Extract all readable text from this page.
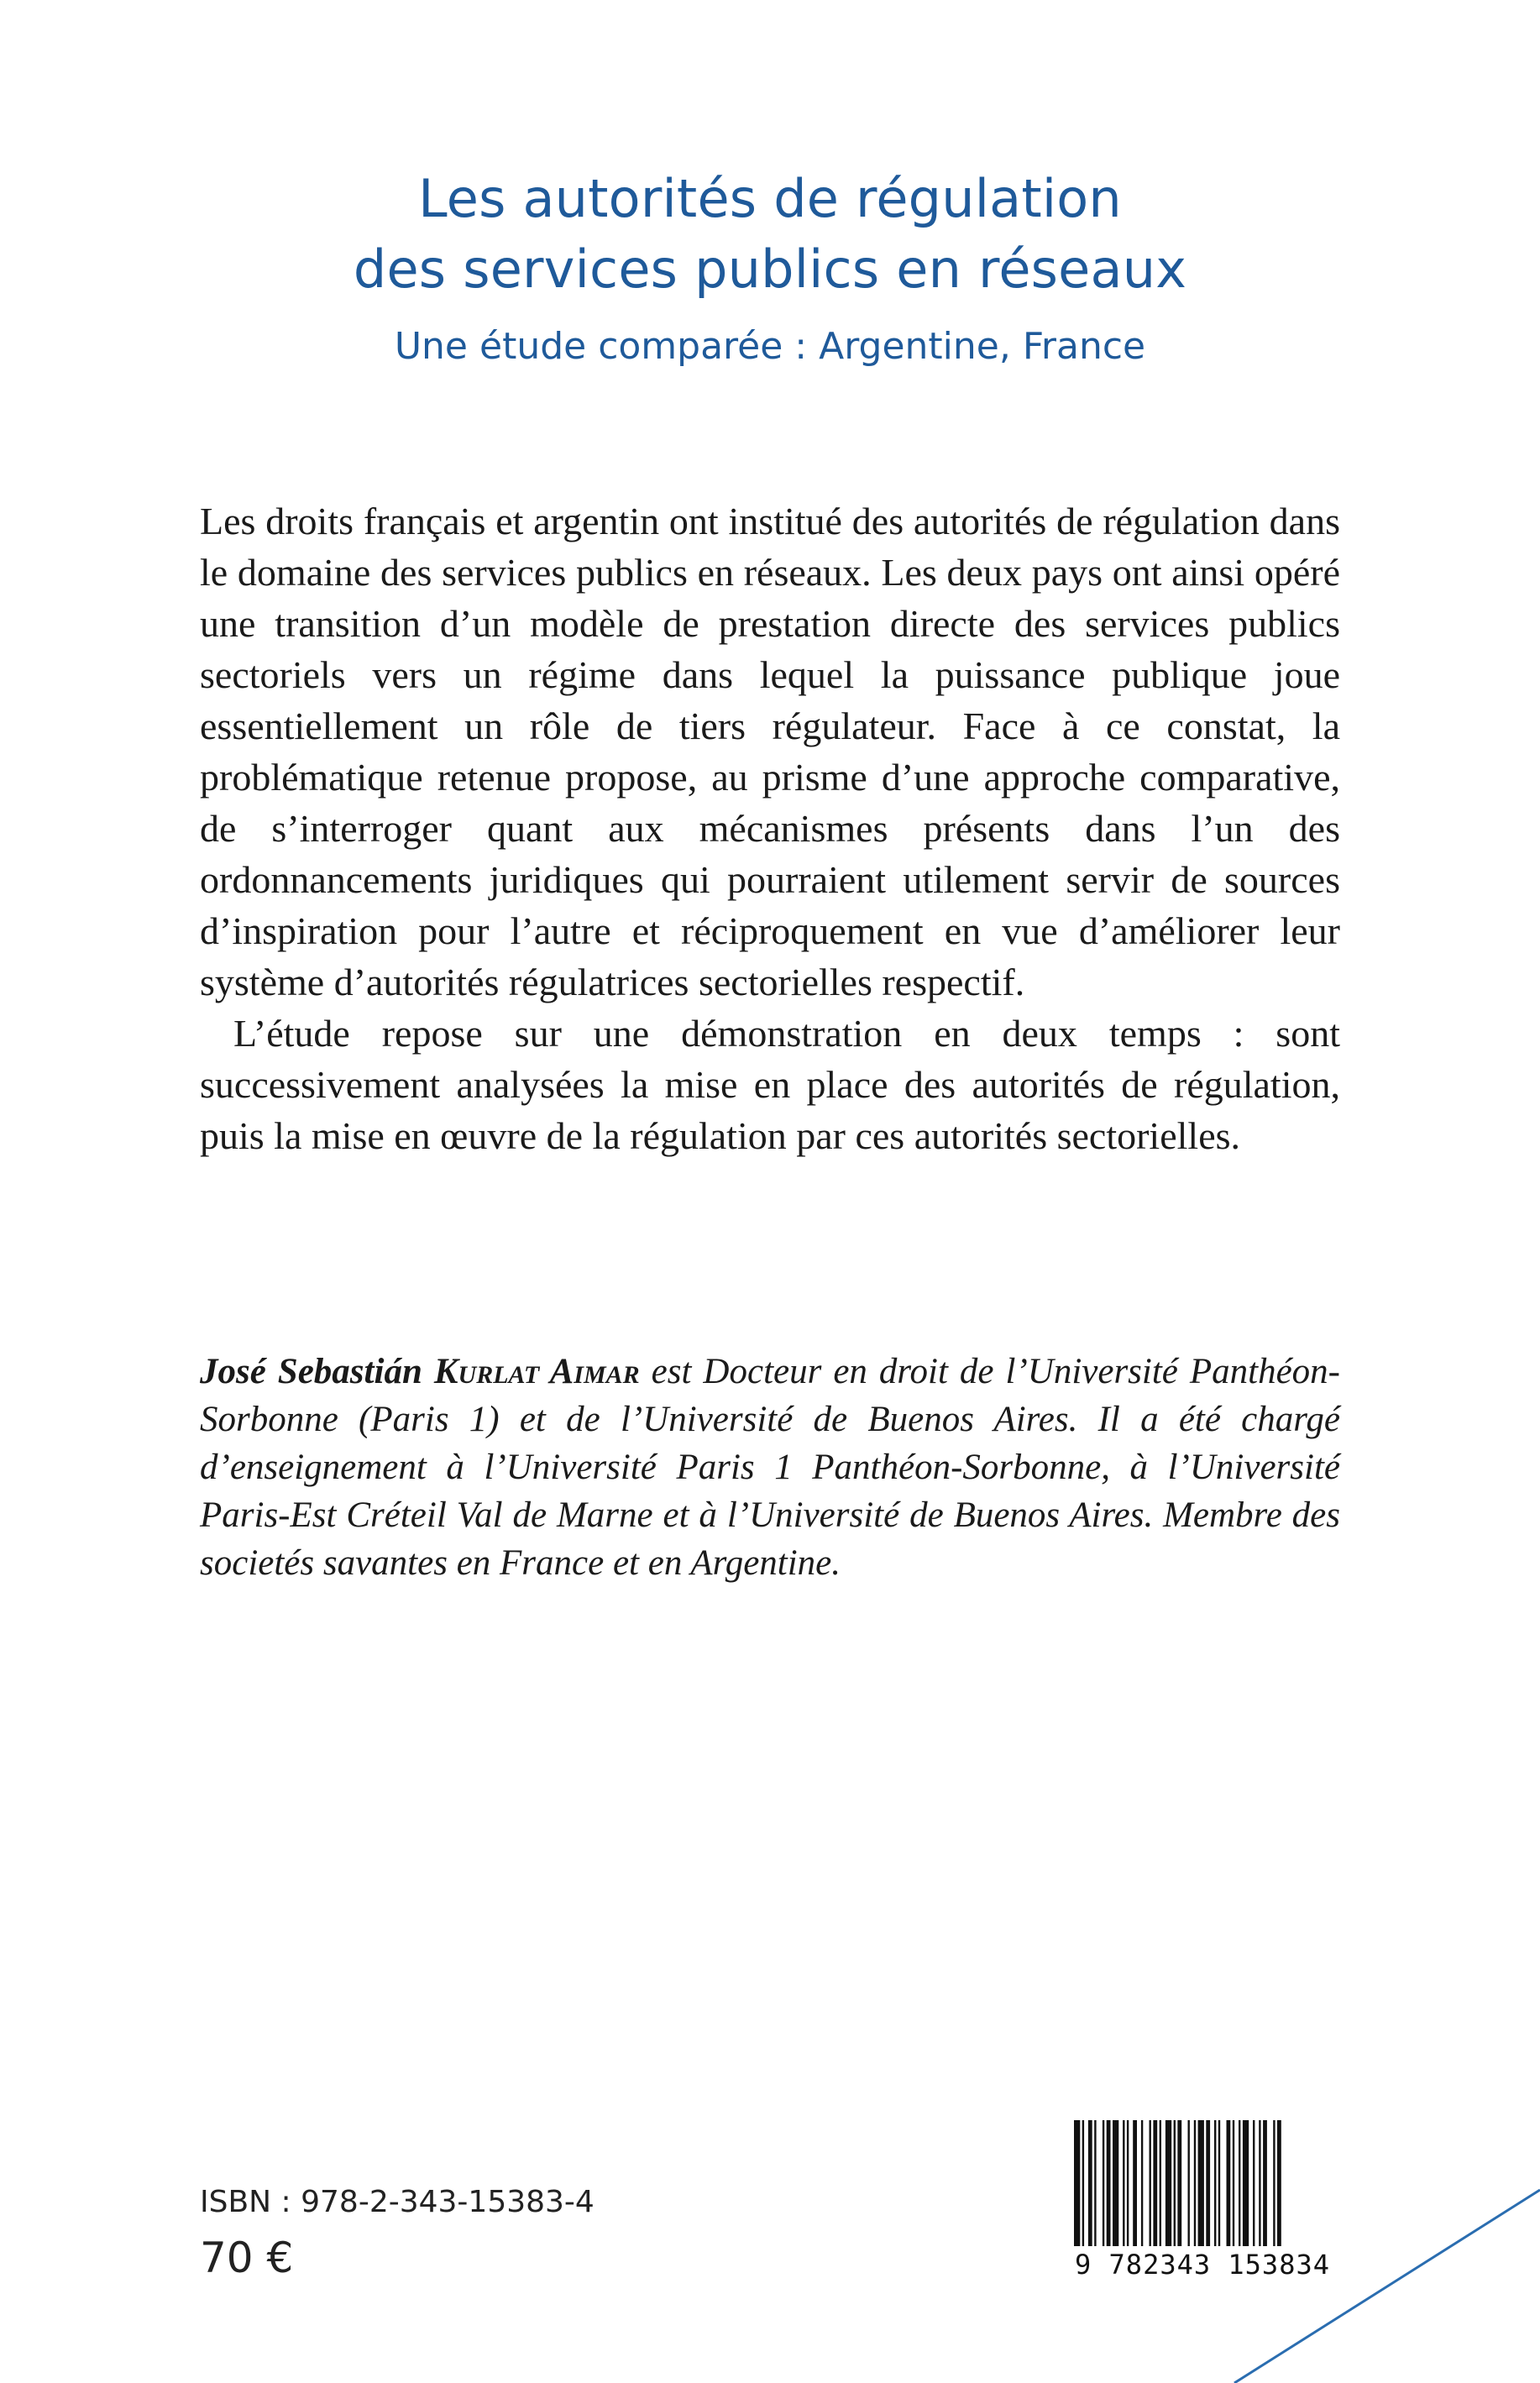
Les autorités de régulation
des services publics en réseaux
Une étude comparée : Argentine, France

Les droits français et argentin ont institué des autorités de régulation dans le domaine des services publics en réseaux. Les deux pays ont ainsi opéré une transition d’un modèle de prestation directe des services publics sectoriels vers un régime dans lequel la puissance publique joue essentiellement un rôle de tiers régulateur. Face à ce constat, la problématique retenue propose, au prisme d’une approche comparative, de s’interroger quant aux mécanismes présents dans l’un des ordonnancements juridiques qui pourraient utilement servir de sources d’inspiration pour l’autre et réciproquement en vue d’améliorer leur système d’autorités régulatrices sectorielles respectif.

L’étude repose sur une démonstration en deux temps : sont successivement analysées la mise en place des autorités de régulation, puis la mise en œuvre de la régulation par ces autorités sectorielles.

José Sebastián Kurlat Aimar est Docteur en droit de l’Université Panthéon-Sorbonne (Paris 1) et de l’Université de Buenos Aires. Il a été chargé d’enseignement à l’Université Paris 1 Panthéon-Sorbonne, à l’Université Paris-Est Créteil Val de Marne et à l’Université de Buenos Aires. Membre des societés savantes en France et en Argentine.

ISBN : 978-2-343-15383-4
70 €	9 782343 153834
